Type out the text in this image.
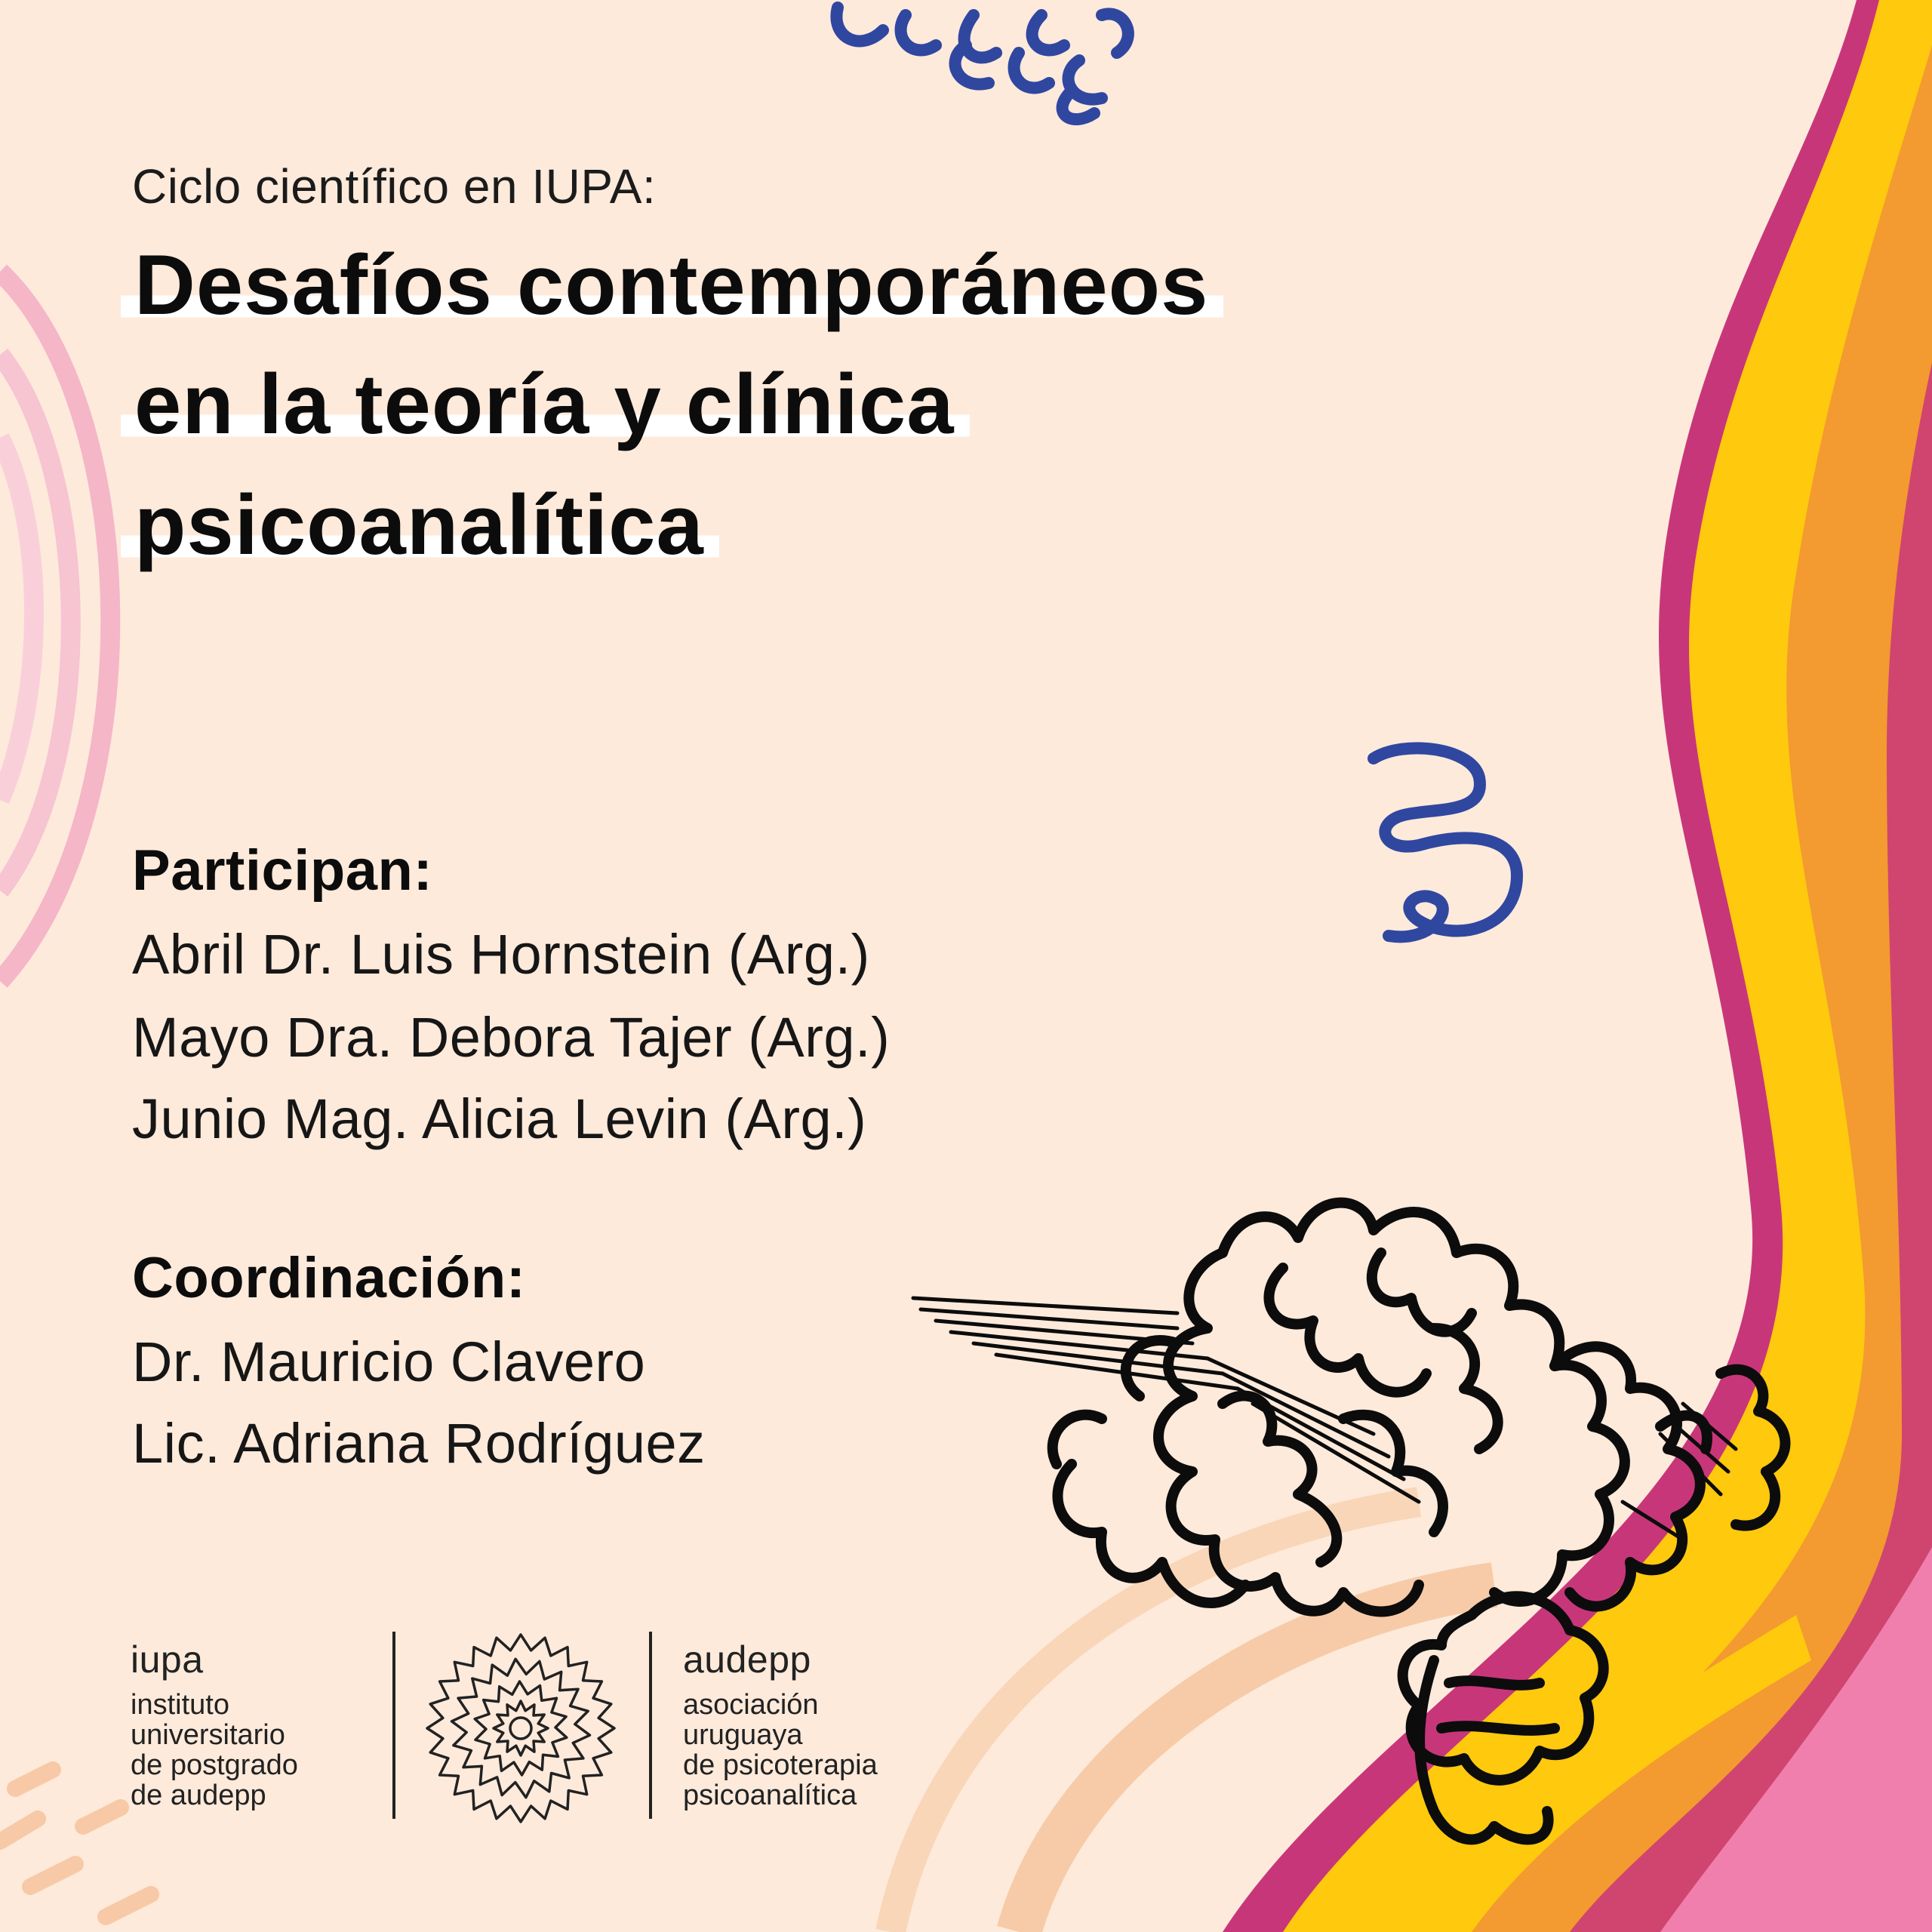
Ciclo científico en IUPA:
Desafíos contemporáneos
en la teoría y clínica
psicoanalítica
Participan:
Abril Dr. Luis Hornstein (Arg.)
Mayo Dra. Debora Tajer (Arg.)
Junio Mag. Alicia Levin (Arg.)
Coordinación:
Dr. Mauricio Clavero
Lic. Adriana Rodríguez
iupa
instituto
universitario
de postgrado
de audepp
audepp
asociación
uruguaya
de psicoterapia
psicoanalítica
